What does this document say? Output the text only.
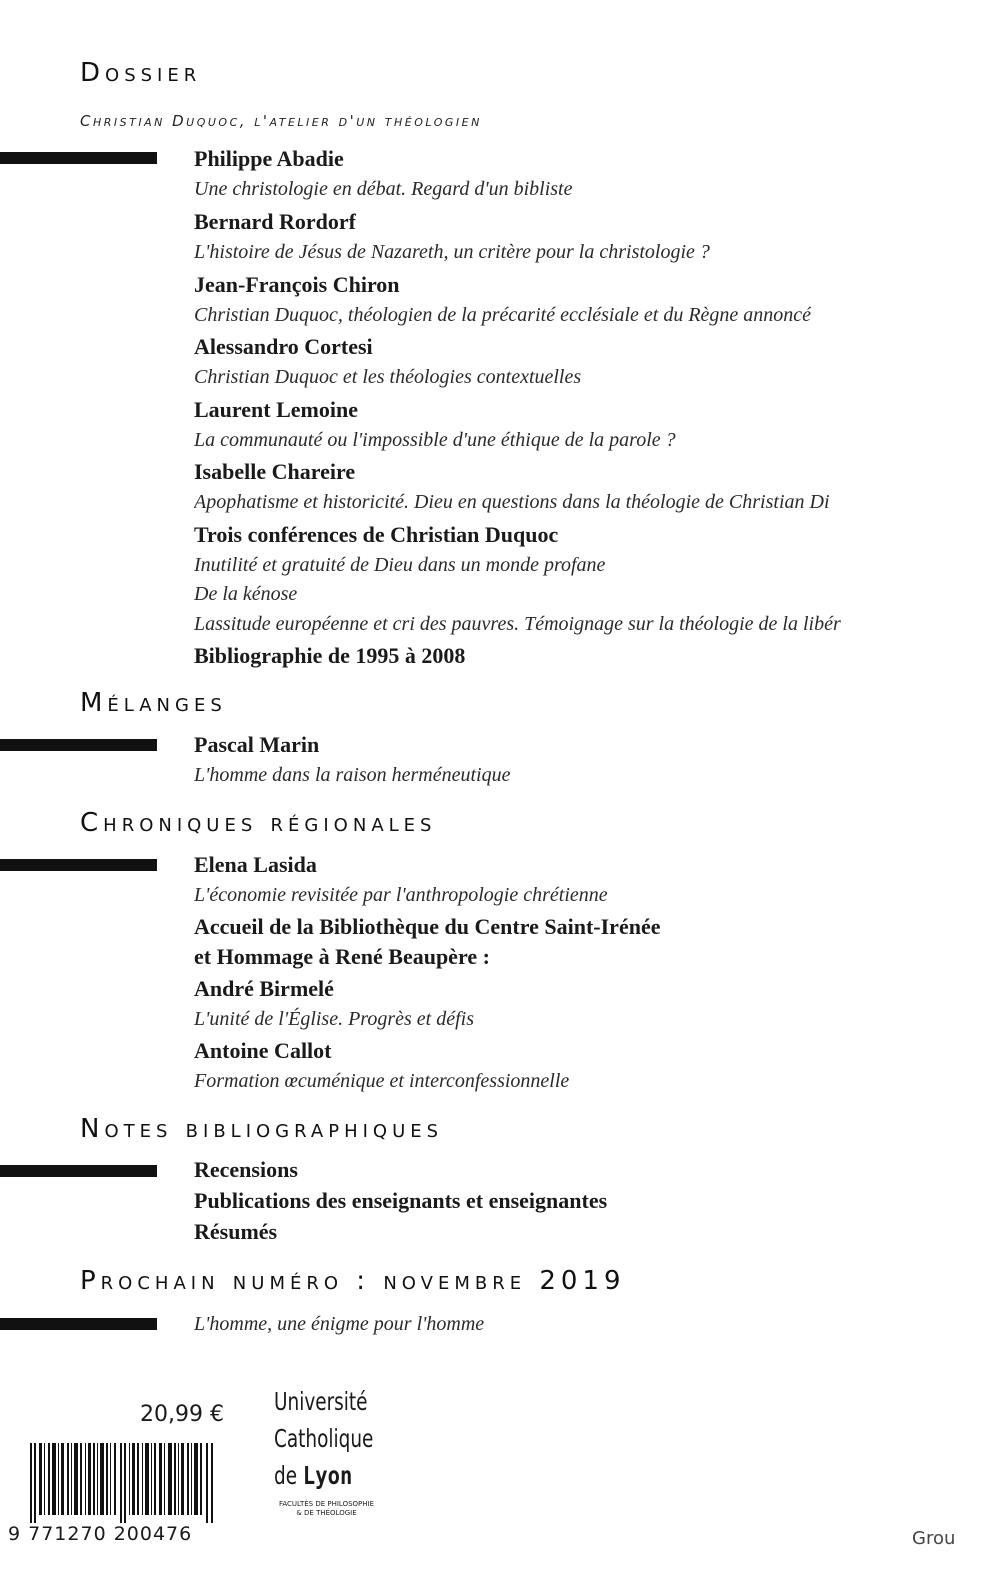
Dossier
Christian Duquoc, l'atelier d'un théologien
Philippe Abadie
Une christologie en débat. Regard d'un bibliste
Bernard Rordorf
L'histoire de Jésus de Nazareth, un critère pour la christologie ?
Jean-François Chiron
Christian Duquoc, théologien de la précarité ecclésiale et du Règne annoncé
Alessandro Cortesi
Christian Duquoc et les théologies contextuelles
Laurent Lemoine
La communauté ou l'impossible d'une éthique de la parole ?
Isabelle Chareire
Apophatisme et historicité. Dieu en questions dans la théologie de Christian Di
Trois conférences de Christian Duquoc
Inutilité et gratuité de Dieu dans un monde profane
De la kénose
Lassitude européenne et cri des pauvres. Témoignage sur la théologie de la libér
Bibliographie de 1995 à 2008
Mélanges
Pascal Marin
L'homme dans la raison herméneutique
Chroniques régionales
Elena Lasida
L'économie revisitée par l'anthropologie chrétienne
Accueil de la Bibliothèque du Centre Saint-Irénée
et Hommage à René Beaupère :
André Birmelé
L'unité de l'Église. Progrès et défis
Antoine Callot
Formation œcuménique et interconfessionnelle
Notes bibliographiques
Recensions
Publications des enseignants et enseignantes
Résumés
Prochain numéro : novembre 2019
L'homme, une énigme pour l'homme
20,99 €
9 771270 200476
Université
Catholique
de Lyon
FACULTÉS DE PHILOSOPHIE
& DE THÉOLOGIE
Grou
